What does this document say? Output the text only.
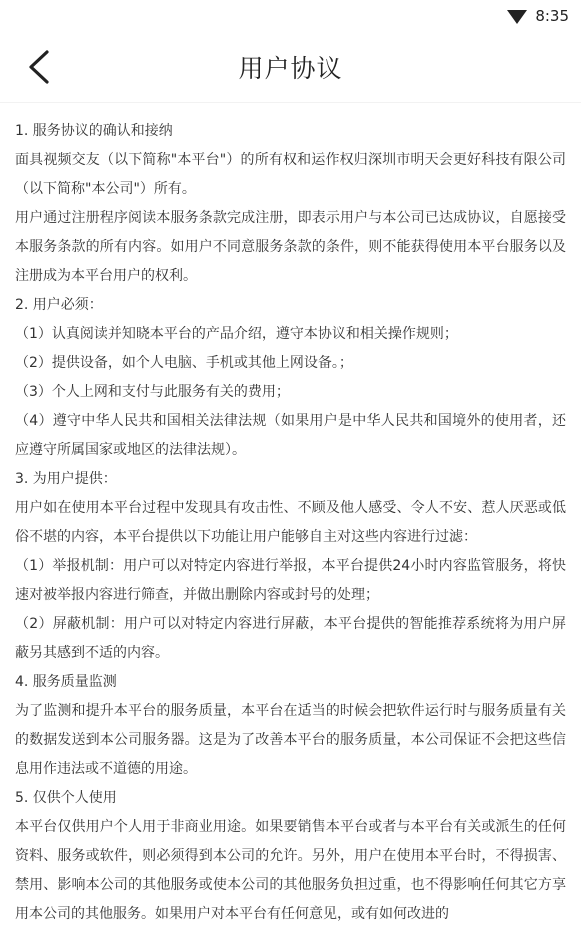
8:35
用户协议

1. 服务协议的确认和接纳

面具视频交友（以下简称"本平台"）的所有权和运作权归深圳市明天会更好科技有限公司（以下简称"本公司"）所有。

用户通过注册程序阅读本服务条款完成注册，即表示用户与本公司已达成协议，自愿接受本服务条款的所有内容。如用户不同意服务条款的条件，则不能获得使用本平台服务以及注册成为本平台用户的权利。

2. 用户必须：

（1）认真阅读并知晓本平台的产品介绍，遵守本协议和相关操作规则；

（2）提供设备，如个人电脑、手机或其他上网设备。；

（3）个人上网和支付与此服务有关的费用；

（4）遵守中华人民共和国相关法律法规（如果用户是中华人民共和国境外的使用者，还应遵守所属国家或地区的法律法规）。

3. 为用户提供：

用户如在使用本平台过程中发现具有攻击性、不顾及他人感受、令人不安、惹人厌恶或低俗不堪的内容，本平台提供以下功能让用户能够自主对这些内容进行过滤：

（1）举报机制：用户可以对特定内容进行举报，本平台提供24小时内容监管服务，将快速对被举报内容进行筛查，并做出删除内容或封号的处理；

（2）屏蔽机制：用户可以对特定内容进行屏蔽，本平台提供的智能推荐系统将为用户屏蔽另其感到不适的内容。

4. 服务质量监测

为了监测和提升本平台的服务质量，本平台在适当的时候会把软件运行时与服务质量有关的数据发送到本公司服务器。这是为了改善本平台的服务质量，本公司保证不会把这些信息用作违法或不道德的用途。

5. 仅供个人使用

本平台仅供用户个人用于非商业用途。如果要销售本平台或者与本平台有关或派生的任何资料、服务或软件，则必须得到本公司的允许。另外，用户在使用本平台时，不得损害、禁用、影响本公司的其他服务或使本公司的其他服务负担过重，也不得影响任何其它方享用本公司的其他服务。如果用户对本平台有任何意见，或有如何改进的
